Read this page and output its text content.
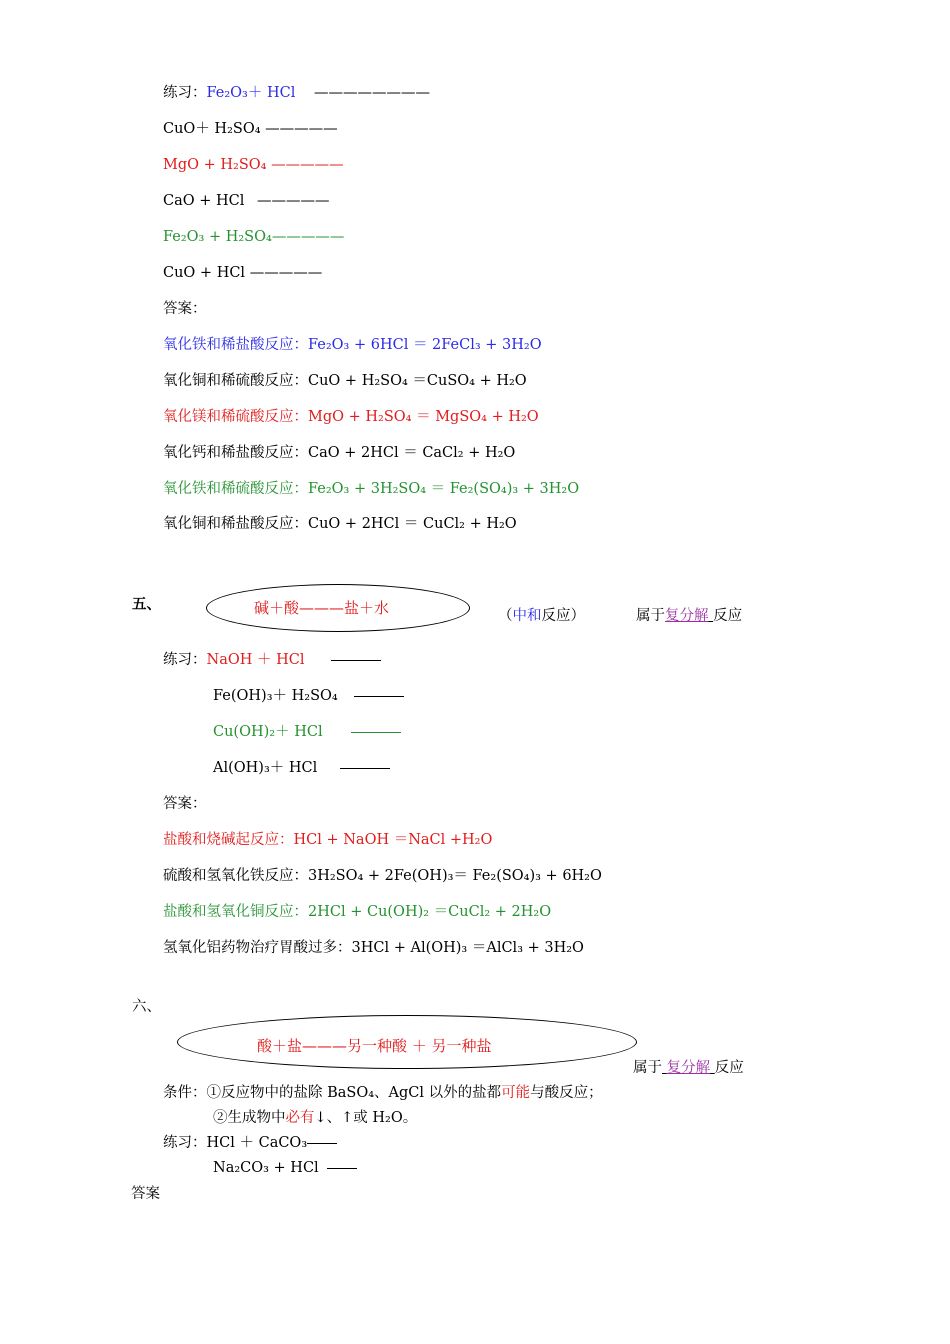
练习：Fe₂O₃＋ HCl ————————
CuO＋ H₂SO₄ —————
MgO + H₂SO₄ —————
CaO + HCl —————
Fe₂O₃ + H₂SO₄—————
CuO + HCl —————
答案：
氧化铁和稀盐酸反应：Fe₂O₃ + 6HCl ＝ 2FeCl₃ + 3H₂O
氧化铜和稀硫酸反应：CuO + H₂SO₄ ＝CuSO₄ + H₂O
氧化镁和稀硫酸反应：MgO + H₂SO₄ ＝ MgSO₄ + H₂O
氧化钙和稀盐酸反应：CaO + 2HCl ＝ CaCl₂ + H₂O
氧化铁和稀硫酸反应：Fe₂O₃ + 3H₂SO₄ ＝ Fe₂(SO₄)₃ + 3H₂O
氧化铜和稀盐酸反应：CuO + 2HCl ＝ CuCl₂ + H₂O
五、	碱＋酸———盐＋水	（中和反应）	属于复分解 反应
练习：NaOH ＋ HCl
Fe(OH)₃＋ H₂SO₄
Cu(OH)₂＋ HCl
Al(OH)₃＋ HCl
答案：
盐酸和烧碱起反应：HCl + NaOH ＝NaCl +H₂O
硫酸和氢氧化铁反应：3H₂SO₄ + 2Fe(OH)₃＝ Fe₂(SO₄)₃ + 6H₂O
盐酸和氢氧化铜反应：2HCl + Cu(OH)₂ ＝CuCl₂ + 2H₂O
氢氧化铝药物治疗胃酸过多：3HCl + Al(OH)₃ ＝AlCl₃ + 3H₂O
六、
酸＋盐———另一种酸 ＋ 另一种盐
属于 复分解 反应
条件：①反应物中的盐除 BaSO₄、AgCl 以外的盐都可能与酸反应；
②生成物中必有↓、↑或 H₂O。
练习：HCl ＋ CaCO₃
Na₂CO₃ + HCl
答案
